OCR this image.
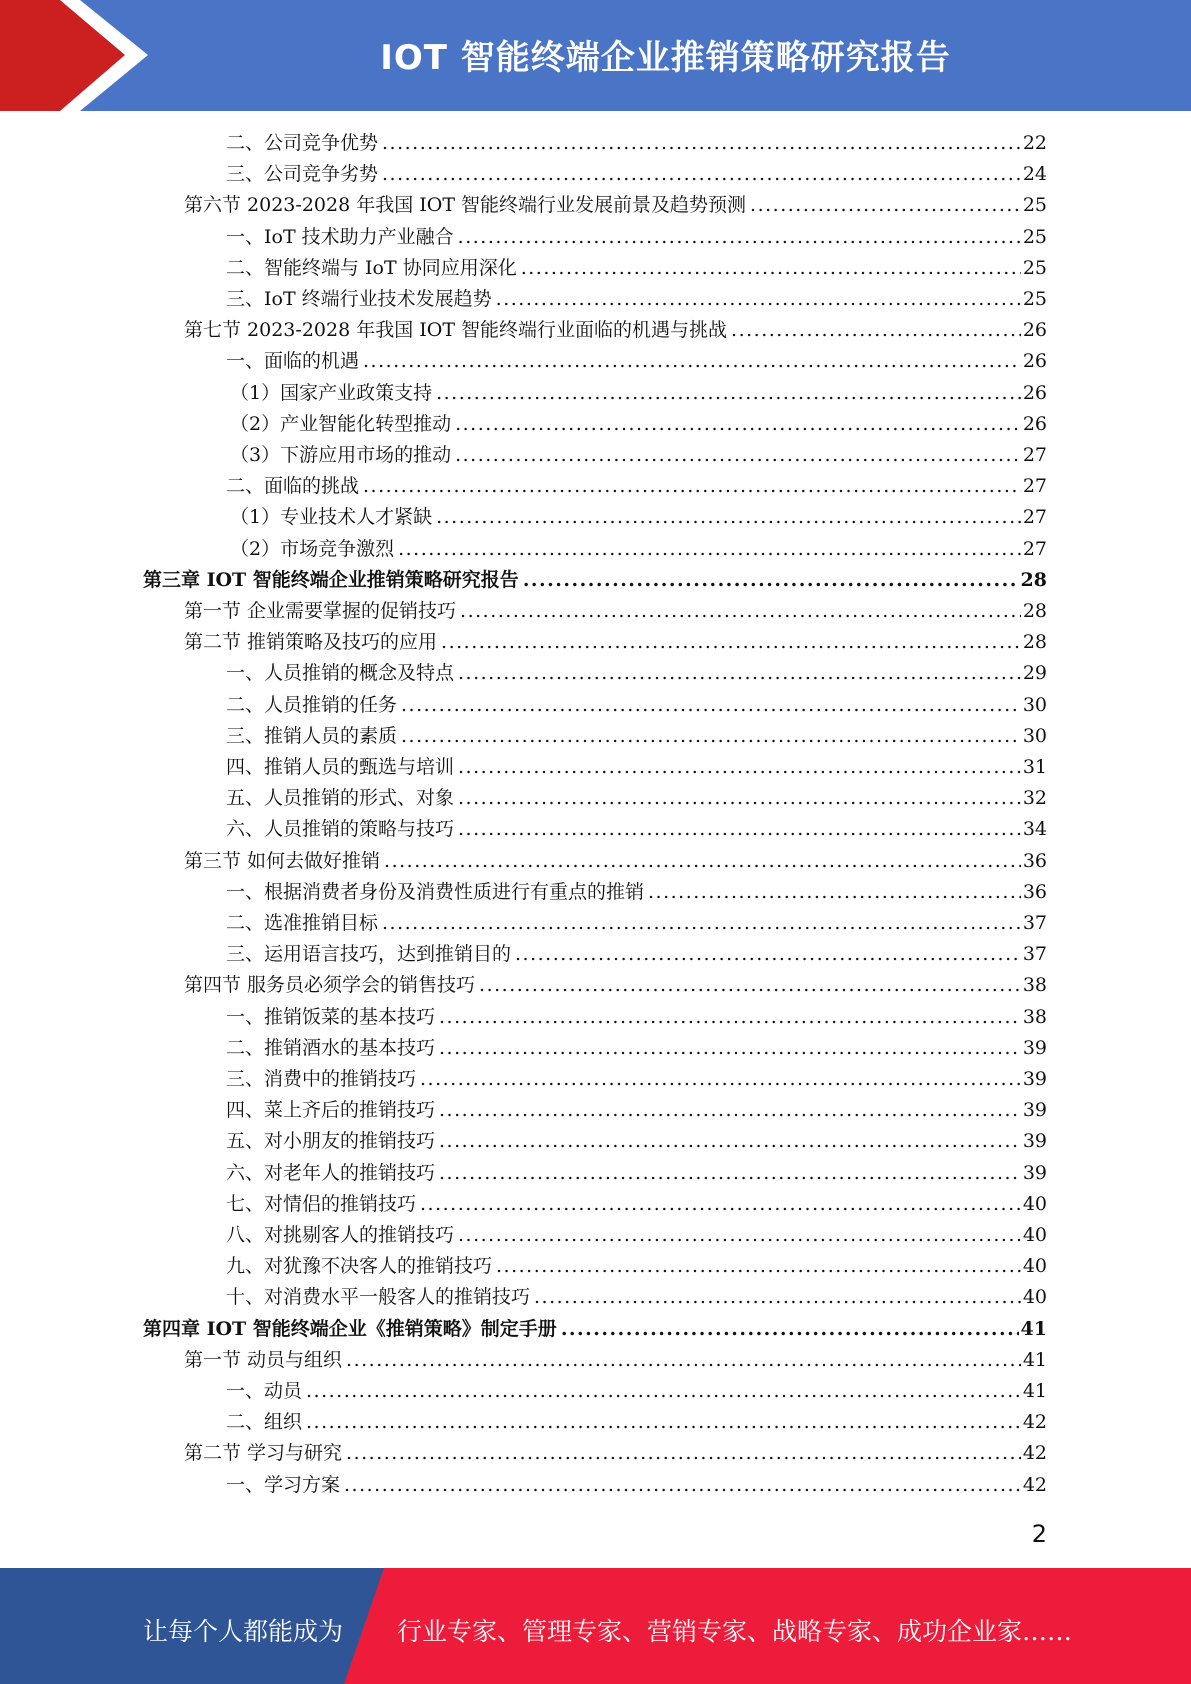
IOT 智能终端企业推销策略研究报告
二、公司竞争优势 .....	22
三、公司竞争劣势 .....	24
第六节 2023-2028 年我国 IOT 智能终端行业发展前景及趋势预测 .....	25
一、IoT 技术助力产业融合 .....	25
二、智能终端与 IoT 协同应用深化 .....	25
三、IoT 终端行业技术发展趋势 .....	25
第七节 2023-2028 年我国 IOT 智能终端行业面临的机遇与挑战 .....	26
一、面临的机遇 .....	26
（1）国家产业政策支持 .....	26
（2）产业智能化转型推动 .....	26
（3）下游应用市场的推动 .....	27
二、面临的挑战 .....	27
（1）专业技术人才紧缺 .....	27
（2）市场竞争激烈 .....	27
第三章 IOT 智能终端企业推销策略研究报告 .....	28
第一节 企业需要掌握的促销技巧 .....	28
第二节 推销策略及技巧的应用 .....	28
一、人员推销的概念及特点 .....	29
二、人员推销的任务 .....	30
三、推销人员的素质 .....	30
四、推销人员的甄选与培训 .....	31
五、人员推销的形式、对象 .....	32
六、人员推销的策略与技巧 .....	34
第三节 如何去做好推销 .....	36
一、根据消费者身份及消费性质进行有重点的推销 .....	36
二、选准推销目标 .....	37
三、运用语言技巧，达到推销目的 .....	37
第四节 服务员必须学会的销售技巧 .....	38
一、推销饭菜的基本技巧 .....	38
二、推销酒水的基本技巧 .....	39
三、消费中的推销技巧 .....	39
四、菜上齐后的推销技巧 .....	39
五、对小朋友的推销技巧 .....	39
六、对老年人的推销技巧 .....	39
七、对情侣的推销技巧 .....	40
八、对挑剔客人的推销技巧 .....	40
九、对犹豫不决客人的推销技巧 .....	40
十、对消费水平一般客人的推销技巧 .....	40
第四章 IOT 智能终端企业《推销策略》制定手册 .....	41
第一节 动员与组织 .....	41
一、动员 .....	41
二、组织 .....	42
第二节 学习与研究 .....	42
一、学习方案 .....	42
2
让每个人都能成为 行业专家、管理专家、营销专家、战略专家、成功企业家……
